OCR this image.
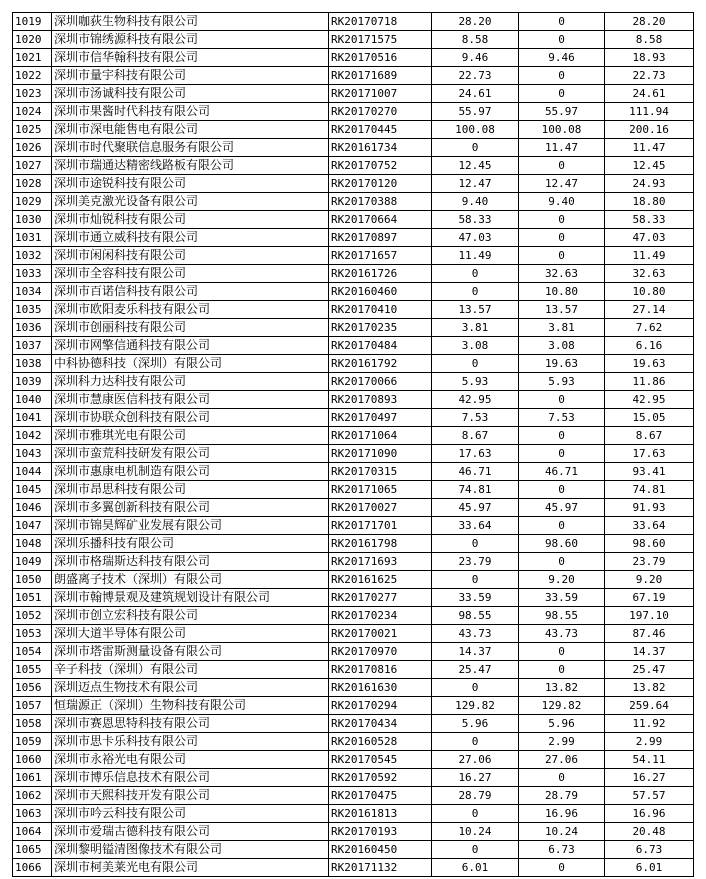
1019	深圳咖荻生物科技有限公司	RK20170718	28.20	0	28.20
1020	深圳市锦绣源科技有限公司	RK20171575	8.58	0	8.58
1021	深圳市信华翰科技有限公司	RK20170516	9.46	9.46	18.93
1022	深圳市量宇科技有限公司	RK20171689	22.73	0	22.73
1023	深圳市汤诚科技有限公司	RK20171007	24.61	0	24.61
1024	深圳市果酱时代科技有限公司	RK20170270	55.97	55.97	111.94
1025	深圳市深电能售电有限公司	RK20170445	100.08	100.08	200.16
1026	深圳市时代聚联信息服务有限公司	RK20161734	0	11.47	11.47
1027	深圳市瑞通达精密线路板有限公司	RK20170752	12.45	0	12.45
1028	深圳市途锐科技有限公司	RK20170120	12.47	12.47	24.93
1029	深圳美克激光设备有限公司	RK20170388	9.40	9.40	18.80
1030	深圳市灿锐科技有限公司	RK20170664	58.33	0	58.33
1031	深圳市通立威科技有限公司	RK20170897	47.03	0	47.03
1032	深圳市闲闲科技有限公司	RK20171657	11.49	0	11.49
1033	深圳市全容科技有限公司	RK20161726	0	32.63	32.63
1034	深圳市百诺信科技有限公司	RK20160460	0	10.80	10.80
1035	深圳市欧阳麦乐科技有限公司	RK20170410	13.57	13.57	27.14
1036	深圳市创丽科技有限公司	RK20170235	3.81	3.81	7.62
1037	深圳市网擎信通科技有限公司	RK20170484	3.08	3.08	6.16
1038	中科协德科技（深圳）有限公司	RK20161792	0	19.63	19.63
1039	深圳科力达科技有限公司	RK20170066	5.93	5.93	11.86
1040	深圳市慧康医信科技有限公司	RK20170893	42.95	0	42.95
1041	深圳市协联众创科技有限公司	RK20170497	7.53	7.53	15.05
1042	深圳市雅琪光电有限公司	RK20171064	8.67	0	8.67
1043	深圳市蛮荒科技研发有限公司	RK20171090	17.63	0	17.63
1044	深圳市惠康电机制造有限公司	RK20170315	46.71	46.71	93.41
1045	深圳市昂思科技有限公司	RK20171065	74.81	0	74.81
1046	深圳市多翼创新科技有限公司	RK20170027	45.97	45.97	91.93
1047	深圳市锦昊辉矿业发展有限公司	RK20171701	33.64	0	33.64
1048	深圳乐播科技有限公司	RK20161798	0	98.60	98.60
1049	深圳市格瑞斯达科技有限公司	RK20171693	23.79	0	23.79
1050	朗盛离子技术（深圳）有限公司	RK20161625	0	9.20	9.20
1051	深圳市翰博景观及建筑规划设计有限公司	RK20170277	33.59	33.59	67.19
1052	深圳市创立宏科技有限公司	RK20170234	98.55	98.55	197.10
1053	深圳大道半导体有限公司	RK20170021	43.73	43.73	87.46
1054	深圳市塔雷斯测量设备有限公司	RK20170970	14.37	0	14.37
1055	辛子科技（深圳）有限公司	RK20170816	25.47	0	25.47
1056	深圳迈点生物技术有限公司	RK20161630	0	13.82	13.82
1057	恒瑞源正（深圳）生物科技有限公司	RK20170294	129.82	129.82	259.64
1058	深圳市赛恩思特科技有限公司	RK20170434	5.96	5.96	11.92
1059	深圳市思卡乐科技有限公司	RK20160528	0	2.99	2.99
1060	深圳市永裕光电有限公司	RK20170545	27.06	27.06	54.11
1061	深圳市博乐信息技术有限公司	RK20170592	16.27	0	16.27
1062	深圳市天熙科技开发有限公司	RK20170475	28.79	28.79	57.57
1063	深圳市吟云科技有限公司	RK20161813	0	16.96	16.96
1064	深圳市爱瑞古德科技有限公司	RK20170193	10.24	10.24	20.48
1065	深圳黎明镒清图像技术有限公司	RK20160450	0	6.73	6.73
1066	深圳市柯美莱光电有限公司	RK20171132	6.01	0	6.01
